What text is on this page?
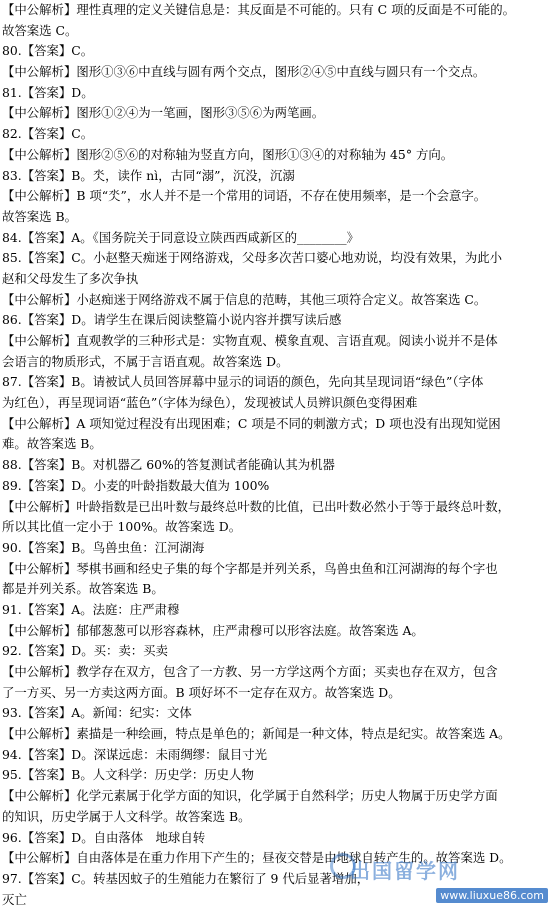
【中公解析】理性真理的定义关键信息是：其反面是不可能的。只有 C 项的反面是不可能的。
故答案选 C。
80.【答案】C。
【中公解析】图形①③⑥中直线与圆有两个交点，图形②④⑤中直线与圆只有一个交点。
81.【答案】D。
【中公解析】图形①②④为一笔画，图形③⑤⑥为两笔画。
82.【答案】C。
【中公解析】图形②⑤⑥的对称轴为竖直方向，图形①③④的对称轴为 45° 方向。
83.【答案】B。氼，读作 nì，古同“溺”，沉没，沉溺
【中公解析】B 项“氼”，水人并不是一个常用的词语，不存在使用频率，是一个会意字。
故答案选 B。
84.【答案】A。《国务院关于同意设立陕西西咸新区的________》
85.【答案】C。小赵整天痴迷于网络游戏，父母多次苦口婆心地劝说，均没有效果，为此小
赵和父母发生了多次争执
【中公解析】小赵痴迷于网络游戏不属于信息的范畴，其他三项符合定义。故答案选 C。
86.【答案】D。请学生在课后阅读整篇小说内容并撰写读后感
【中公解析】直观教学的三种形式是：实物直观、模象直观、言语直观。阅读小说并不是体
会语言的物质形式，不属于言语直观。故答案选 D。
87.【答案】B。请被试人员回答屏幕中显示的词语的颜色，先向其呈现词语“绿色”（字体
为红色），再呈现词语“蓝色”（字体为绿色），发现被试人员辨识颜色变得困难
【中公解析】A 项知觉过程没有出现困难；C 项是不同的刺激方式；D 项也没有出现知觉困
难。故答案选 B。
88.【答案】B。对机器乙 60%的答复测试者能确认其为机器
89.【答案】D。小麦的叶龄指数最大值为 100%
【中公解析】叶龄指数是已出叶数与最终总叶数的比值，已出叶数必然小于等于最终总叶数，
所以其比值一定小于 100%。故答案选 D。
90.【答案】B。鸟兽虫鱼：江河湖海
【中公解析】琴棋书画和经史子集的每个字都是并列关系，鸟兽虫鱼和江河湖海的每个字也
都是并列关系。故答案选 B。
91.【答案】A。法庭：庄严肃穆
【中公解析】郁郁葱葱可以形容森林，庄严肃穆可以形容法庭。故答案选 A。
92.【答案】D。买：卖：买卖
【中公解析】教学存在双方，包含了一方教、另一方学这两个方面；买卖也存在双方，包含
了一方买、另一方卖这两方面。B 项好坏不一定存在双方。故答案选 D。
93.【答案】A。新闻：纪实：文体
【中公解析】素描是一种绘画，特点是单色的；新闻是一种文体，特点是纪实。故答案选 A。
94.【答案】D。深谋远虑：未雨绸缪：鼠目寸光
95.【答案】B。人文科学：历史学：历史人物
【中公解析】化学元素属于化学方面的知识，化学属于自然科学；历史人物属于历史学方面
的知识，历史学属于人文科学。故答案选 B。
96.【答案】D。自由落体　地球自转
【中公解析】自由落体是在重力作用下产生的；昼夜交替是由地球自转产生的。故答案选 D。
97.【答案】C。转基因蚊子的生殖能力在繁衍了 9 代后显著增加，
灭亡
出国留学网
www.liuxue86.com
